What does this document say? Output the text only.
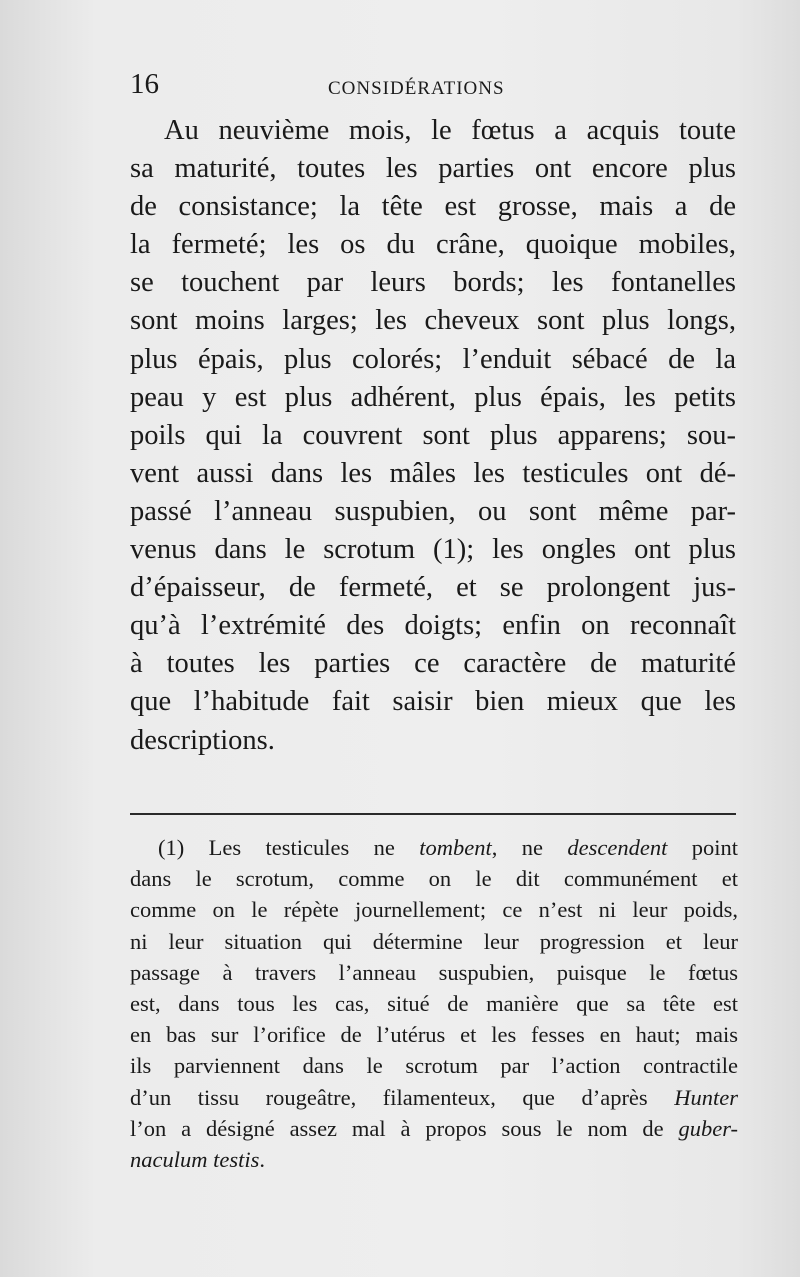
16	CONSIDÉRATIONS
Au neuvième mois, le fœtus a acquis toute
sa maturité, toutes les parties ont encore plus
de consistance; la tête est grosse, mais a de
la fermeté; les os du crâne, quoique mobiles,
se touchent par leurs bords; les fontanelles
sont moins larges; les cheveux sont plus longs,
plus épais, plus colorés; l’enduit sébacé de la
peau y est plus adhérent, plus épais, les petits
poils qui la couvrent sont plus apparens; sou-
vent aussi dans les mâles les testicules ont dé-
passé l’anneau suspubien, ou sont même par-
venus dans le scrotum (1); les ongles ont plus
d’épaisseur, de fermeté, et se prolongent jus-
qu’à l’extrémité des doigts; enfin on reconnaît
à toutes les parties ce caractère de maturité
que l’habitude fait saisir bien mieux que les
descriptions.
(1) Les testicules ne tombent, ne descendent point
dans le scrotum, comme on le dit communément et
comme on le répète journellement; ce n’est ni leur poids,
ni leur situation qui détermine leur progression et leur
passage à travers l’anneau suspubien, puisque le fœtus
est, dans tous les cas, situé de manière que sa tête est
en bas sur l’orifice de l’utérus et les fesses en haut; mais
ils parviennent dans le scrotum par l’action contractile
d’un tissu rougeâtre, filamenteux, que d’après Hunter
l’on a désigné assez mal à propos sous le nom de guber-
naculum testis.
